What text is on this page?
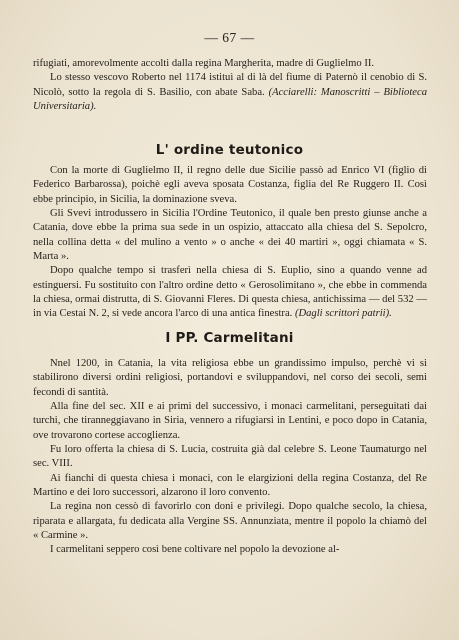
— 67 —

rifugiati, amorevolmente accolti dalla regina Margherita, madre di Guglielmo II.

Lo stesso vescovo Roberto nel 1174 istituì al di là del fiume di Paternò il cenobio di S. Nicolò, sotto la regola di S. Basilio, con abate Saba. (Acciarelli: Manoscritti – Biblioteca Universitaria).

L' ordine teutonico

Con la morte di Guglielmo II, il regno delle due Sicilie passò ad Enrico VI (figlio di Federico Barbarossa), poichè egli aveva sposata Costanza, figlia del Re Ruggero II. Così ebbe principio, in Sicilia, la dominazione sveva.

Gli Svevi introdussero in Sicilia l'Ordine Teutonico, il quale ben presto giunse anche a Catania, dove ebbe la prima sua sede in un ospizio, attaccato alla chiesa del S. Sepolcro, nella collina detta « del mulino a vento » o anche « dei 40 martiri », oggi chiamata « S. Marta ».

Dopo qualche tempo si trasferì nella chiesa di S. Euplio, sino a quando venne ad estinguersi. Fu sostituito con l'altro ordine detto « Gerosolimitano », che ebbe in commenda la chiesa, ormai distrutta, di S. Giovanni Fleres. Di questa chiesa, antichissima — del 532 — in via Cestai N. 2, si vede ancora l'arco di una antica finestra. (Dagli scrittori patrii).

I PP. Carmelitani

Nnel 1200, in Catania, la vita religiosa ebbe un grandissimo impulso, perchè vi si stabilirono diversi ordini religiosi, portandovi e sviluppandovi, nel corso dei secoli, semi fecondi di santità.

Alla fine del sec. XII e ai primi del successivo, i monaci carmelitani, perseguitati dai turchi, che tiranneggiavano in Siria, vennero a rifugiarsi in Lentini, e poco dopo in Catania, ove trovarono cortese accoglienza.

Fu loro offerta la chiesa di S. Lucia, costruita già dal celebre S. Leone Taumaturgo nel sec. VIII.

Ai fianchi di questa chiesa i monaci, con le elargizioni della regina Costanza, del Re Martino e dei loro successori, alzarono il loro convento.

La regina non cessò di favorirlo con doni e privilegi. Dopo qualche secolo, la chiesa, riparata e allargata, fu dedicata alla Vergine SS. Annunziata, mentre il popolo la chiamò del « Carmine ».

I carmelitani seppero così bene coltivare nel popolo la devozione al-
